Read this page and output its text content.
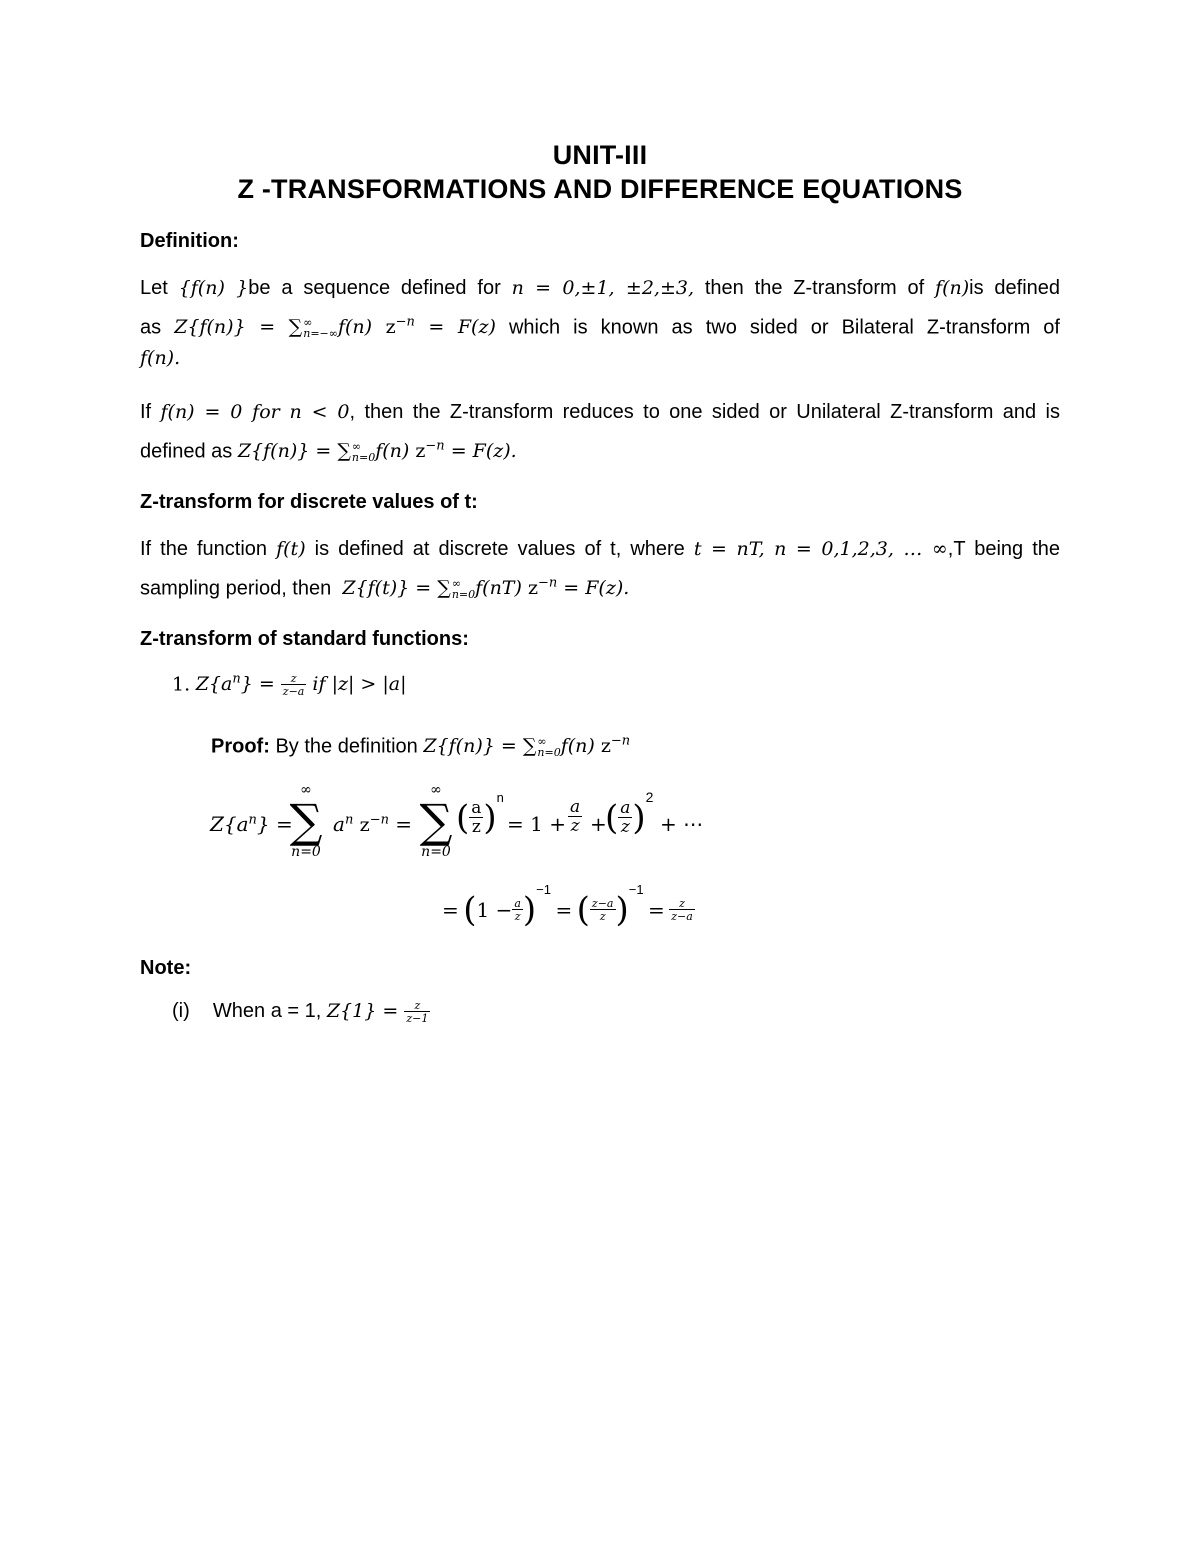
UNIT-III
Z -TRANSFORMATIONS AND DIFFERENCE EQUATIONS
Definition:
Let {f(n) }be a sequence defined for n = 0,±1, ±2,±3, then the Z-transform of f(n)is defined
as Z{f(n)} = ∑ ∞
n=−∞ f(n) $z^{-n} = F(z)$ which is known as two sided or Bilateral Z-transform of
f(n).
If f(n) = 0 for n < 0, then the Z-transform reduces to one sided or Unilateral Z-transform and is
defined as Z{f(n)} = ∑ ∞
n=0 f(n) $z^{-n} = F(z)$.
Z-transform for discrete values of t:
If the function f(t) is defined at discrete values of t, where t = nT, n = 0,1,2,3, … ∞,T being the
sampling period, then Z{f(t)} = ∑ ∞
n=0 f(nT) $z^{-n} = F(z)$.
Z-transform of standard functions:
1. $Z\{a^n\} = \frac{z}{z-a}$ if |z| > |a|
Proof: By the definition Z{f(n)} = ∑ ∞
n=0 f(n) $z^{-n}$
$Z\{a^n\}$ =
∞
∑
n=0
$a^n$ $z^{-n}$ =
∞
∑
n=0
( $\frac{a}{z} )^n$
= $1 + \frac{a}{z}$ +
( $\frac{a}{z} )^2$
+ ⋯
= $(1 - \frac{a}{z} )^{-1}$ = ( $\frac{z-a}{z} )^{-1} = \frac{z}{z-a}$
Note:
(i) When a = 1, $Z\{1\} = \frac{z}{z-1}$
